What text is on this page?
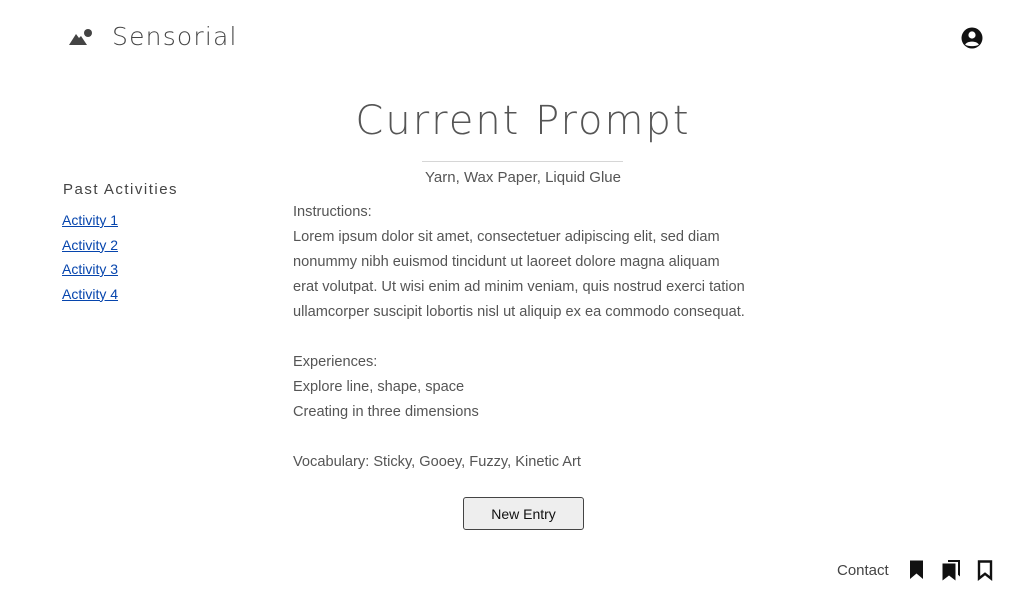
Sensorial
Current Prompt
Yarn, Wax Paper, Liquid Glue
Past Activities
Activity 1
Activity 2
Activity 3
Activity 4

Instructions:

Lorem ipsum dolor sit amet, consectetuer adipiscing elit, sed diam

nonummy nibh euismod tincidunt ut laoreet dolore magna aliquam

erat volutpat. Ut wisi enim ad minim veniam, quis nostrud exerci tation

ullamcorper suscipit lobortis nisl ut aliquip ex ea commodo consequat.

Experiences:

Explore line, shape, space

Creating in three dimensions

Vocabulary: Sticky, Gooey, Fuzzy, Kinetic Art

New Entry
Contact
